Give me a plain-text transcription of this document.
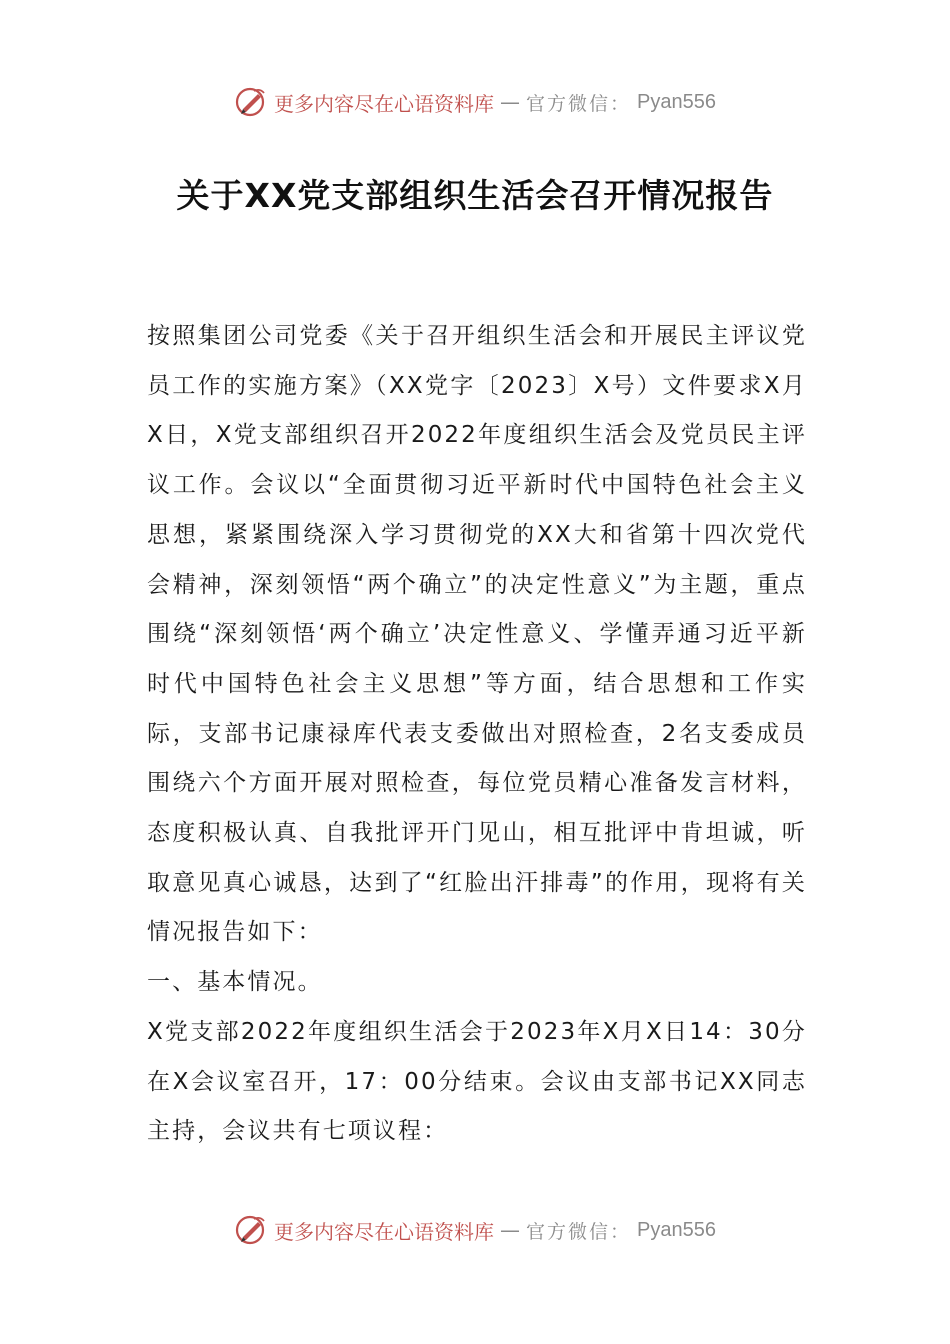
更多内容尽在心语资料库 — 官方微信： Pyan556
关于XX党支部组织生活会召开情况报告

按照集团公司党委《关于召开组织生活会和开展民主评议党员工作的实施方案》（XX党字〔2023〕X号）文件要求X月X日，X党支部组织召开2022年度组织生活会及党员民主评议工作。会议以“全面贯彻习近平新时代中国特色社会主义思想，紧紧围绕深入学习贯彻党的XX大和省第十四次党代会精神，深刻领悟“两个确立”的决定性意义”为主题，重点围绕“深刻领悟‘两个确立’决定性意义、学懂弄通习近平新时代中国特色社会主义思想”等方面，结合思想和工作实际，支部书记康禄库代表支委做出对照检查，2名支委成员围绕六个方面开展对照检查，每位党员精心准备发言材料，态度积极认真、自我批评开门见山，相互批评中肯坦诚，听取意见真心诚恳，达到了“红脸出汗排毒”的作用，现将有关情况报告如下：

一、基本情况。

X党支部2022年度组织生活会于2023年X月X日14：30分在X会议室召开，17：00分结束。会议由支部书记XX同志主持，会议共有七项议程：

更多内容尽在心语资料库 — 官方微信： Pyan556
